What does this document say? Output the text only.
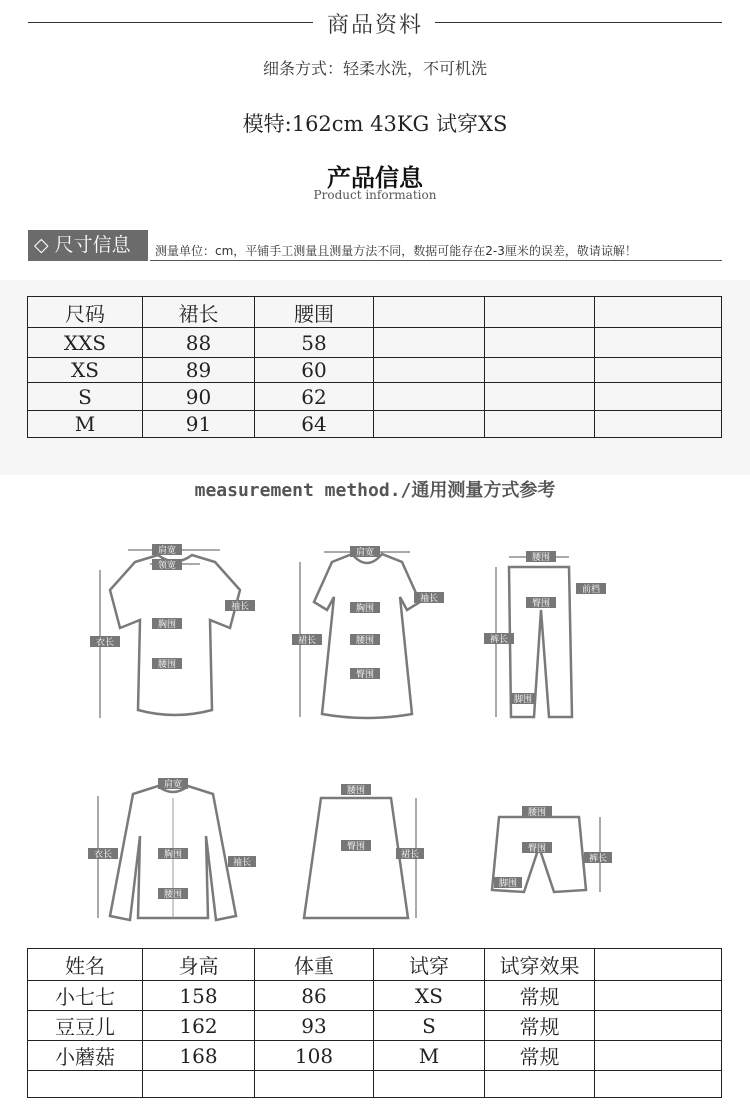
商品资料
细条方式：轻柔水洗，不可机洗
模特:162cm 43KG 试穿XS
产品信息
Product information
◇ 尺寸信息	测量单位：cm，平铺手工测量且测量方法不同，数据可能存在2-3厘米的误差，敬请谅解！
尺码	裙长	腰围			
XXS	88	58			
XS	89	60			
S	90	62			
M	91	64			
measurement method./通用测量方式参考
肩宽
领宽
胸围
腰围
袖长
衣长
肩宽
胸围
腰围
臀围
裙长
袖长
腰围
臀围
前档
裤长
脚围
肩宽
胸围
腰围
衣长
袖长
腰围
臀围
裙长
腰围
臀围
脚围
裤长
姓名	身高	体重	试穿	试穿效果	
小七七	158	86	XS	常规	
豆豆儿	162	93	S	常规	
小蘑菇	168	108	M	常规	
